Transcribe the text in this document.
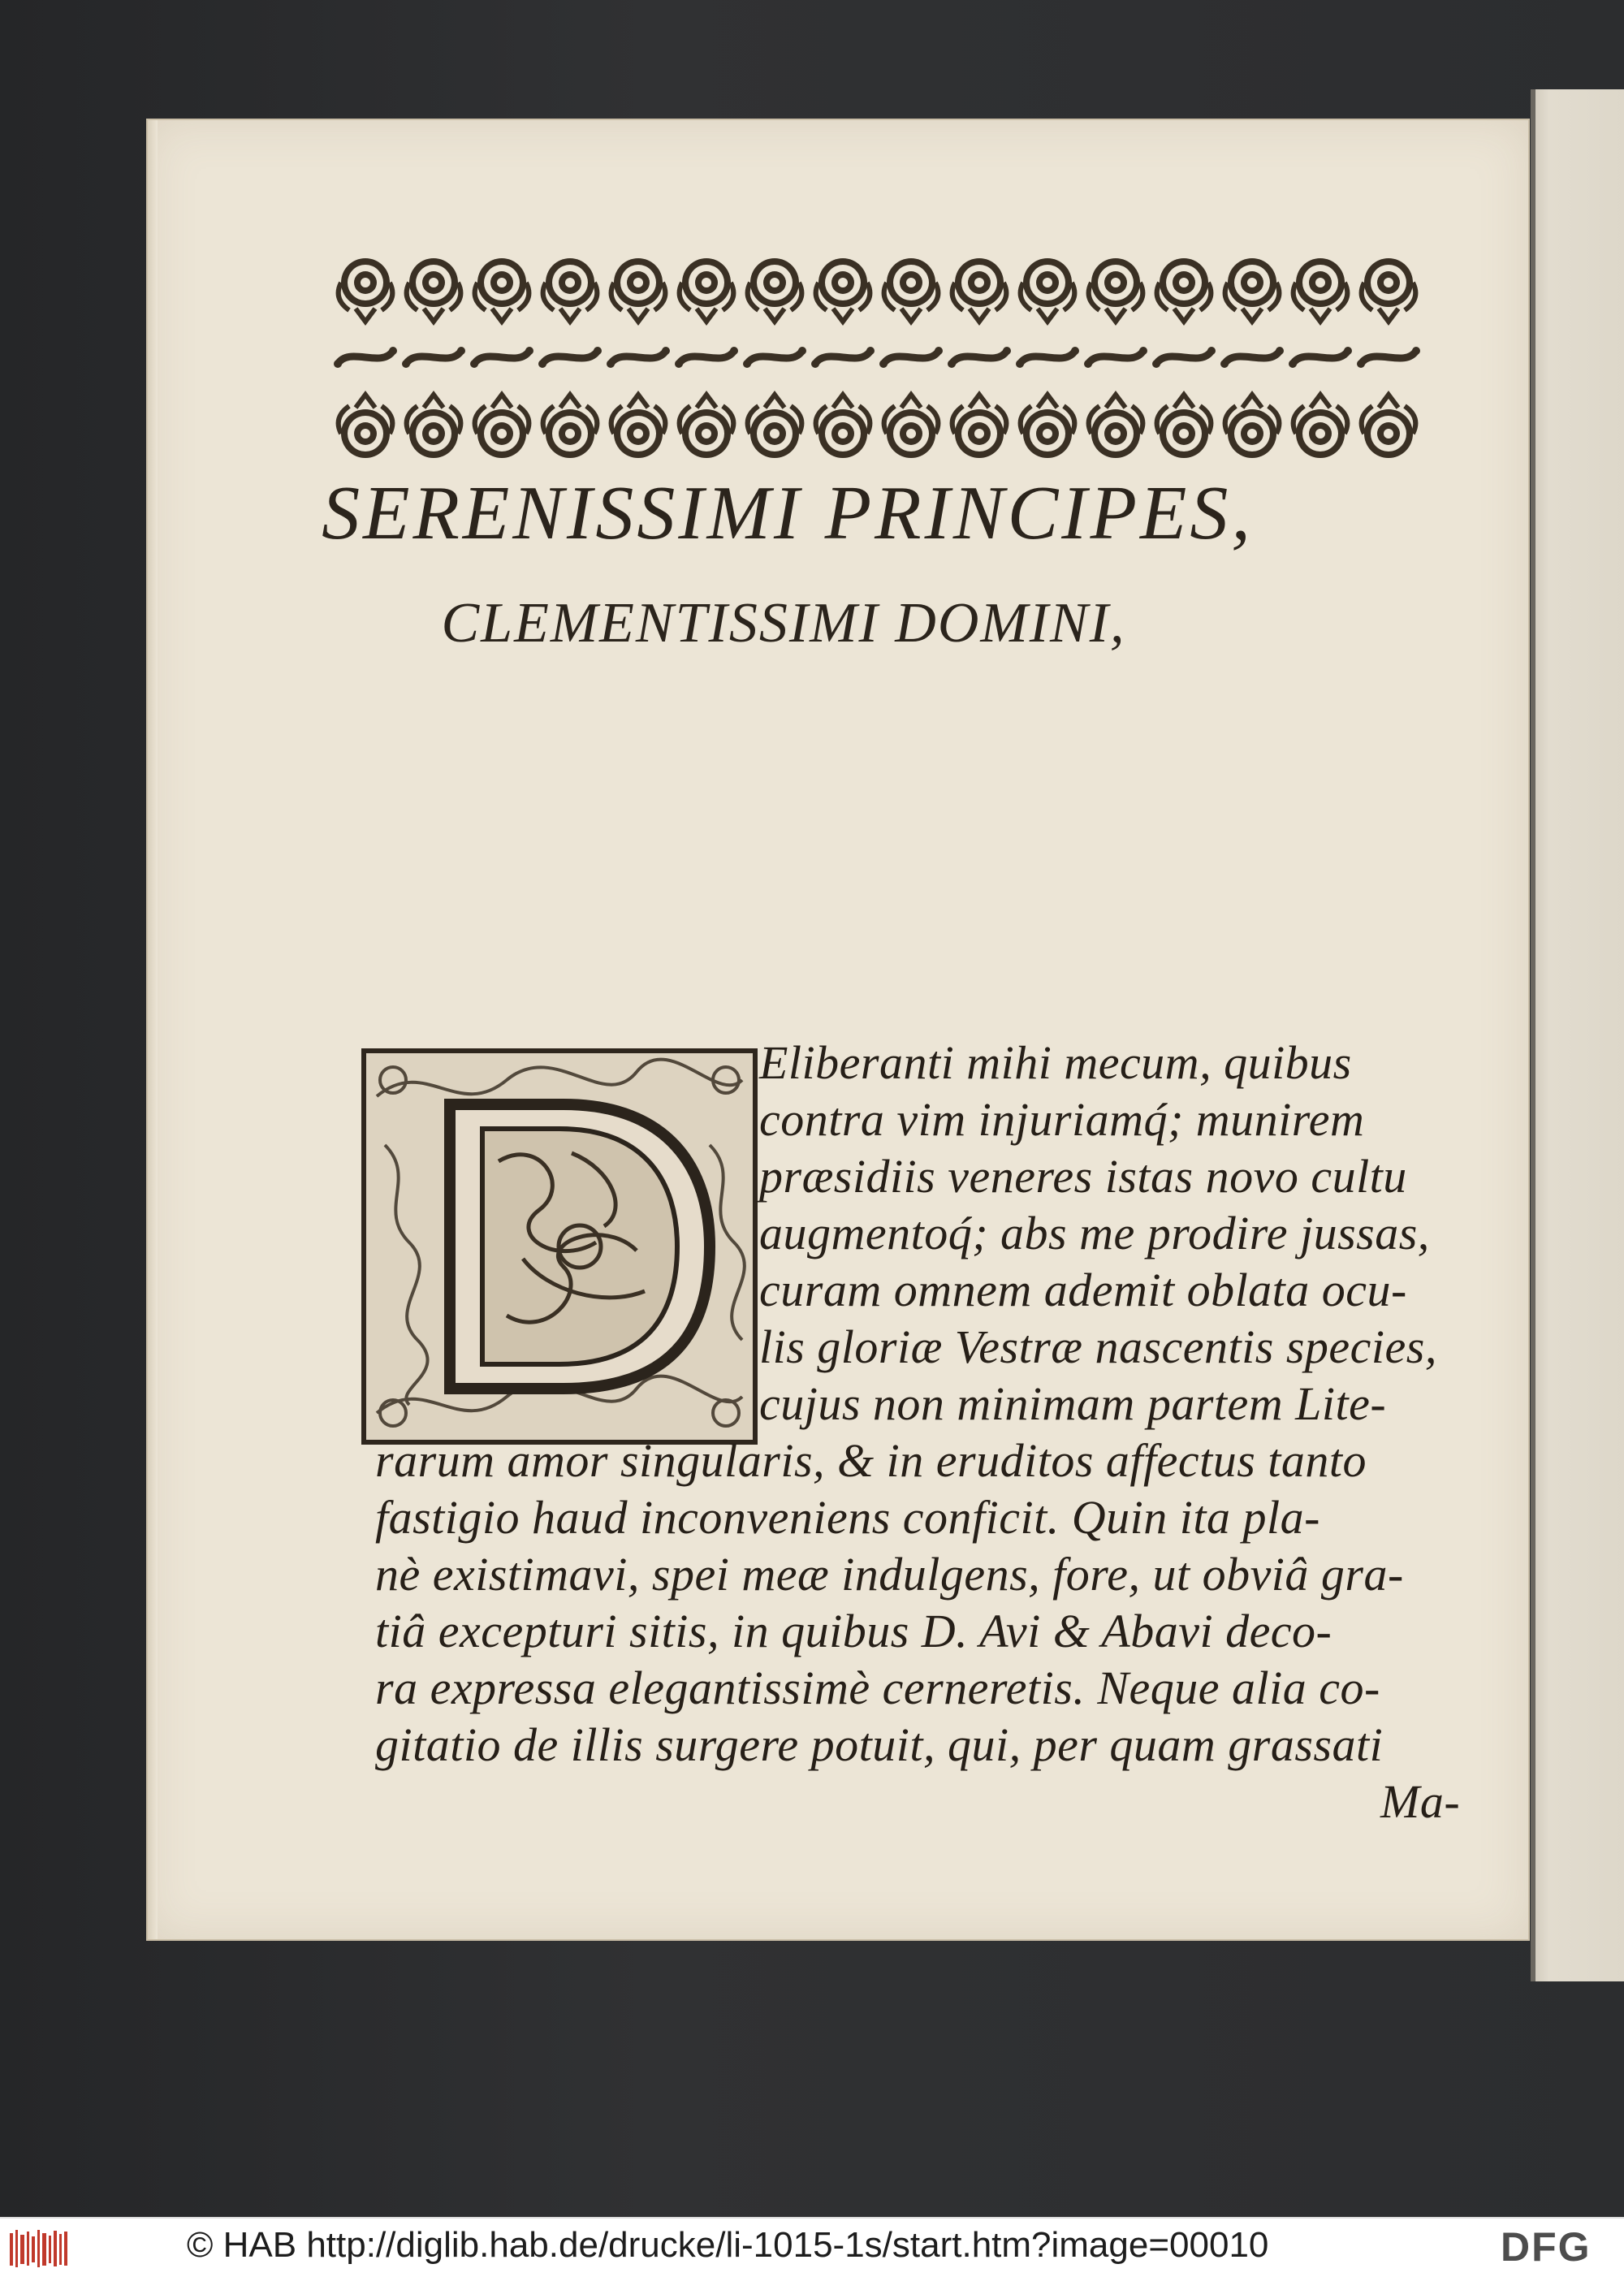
SERENISSIMI PRINCIPES,
CLEMENTISSIMI DOMINI,
D	Eliberanti mihi mecum, quibus
contra vim injuriamq́; munirem
præsidiis veneres istas novo cultu
augmentoq́; abs me prodire jussas,
curam omnem ademit oblata ocu-
lis gloriæ Vestræ nascentis species,
cujus non minimam partem Lite-
rarum amor singularis, & in eruditos affectus tanto
fastigio haud inconveniens conficit. Quin ita pla-
nè existimavi, spei meæ indulgens, fore, ut obviâ gra-
tiâ excepturi sitis, in quibus D. Avi & Abavi deco-
ra expressa elegantissimè cerneretis. Neque alia co-
gitatio de illis surgere potuit, qui, per quam grassati
Ma-
© HAB http://diglib.hab.de/drucke/li-1015-1s/start.htm?image=00010	DFG
